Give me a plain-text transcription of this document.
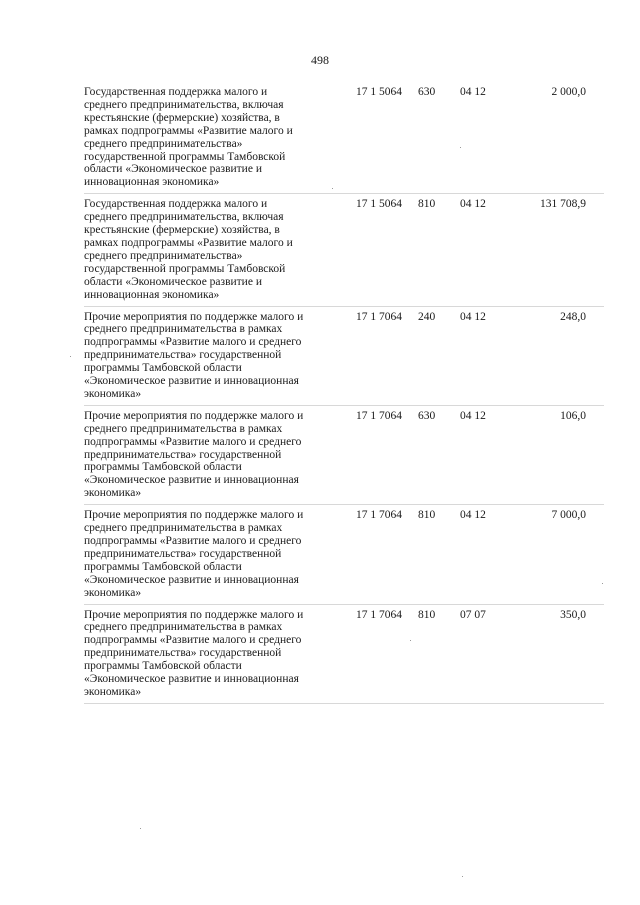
498
Государственная поддержка малого и
среднего предпринимательства, включая
крестьянские (фермерские) хозяйства, в
рамках подпрограммы «Развитие малого и
среднего предпринимательства»
государственной программы Тамбовской
области «Экономическое развитие и
инновационная экономика»
17 1 5064	630	04 12	2 000,0
Государственная поддержка малого и
среднего предпринимательства, включая
крестьянские (фермерские) хозяйства, в
рамках подпрограммы «Развитие малого и
среднего предпринимательства»
государственной программы Тамбовской
области «Экономическое развитие и
инновационная экономика»
17 1 5064	810	04 12	131 708,9
Прочие мероприятия по поддержке малого и
среднего предпринимательства в рамках
подпрограммы «Развитие малого и среднего
предпринимательства» государственной
программы Тамбовской области
«Экономическое развитие и инновационная
экономика»
17 1 7064	240	04 12	248,0
Прочие мероприятия по поддержке малого и
среднего предпринимательства в рамках
подпрограммы «Развитие малого и среднего
предпринимательства» государственной
программы Тамбовской области
«Экономическое развитие и инновационная
экономика»
17 1 7064	630	04 12	106,0
Прочие мероприятия по поддержке малого и
среднего предпринимательства в рамках
подпрограммы «Развитие малого и среднего
предпринимательства» государственной
программы Тамбовской области
«Экономическое развитие и инновационная
экономика»
17 1 7064	810	04 12	7 000,0
Прочие мероприятия по поддержке малого и
среднего предпринимательства в рамках
подпрограммы «Развитие малого и среднего
предпринимательства» государственной
программы Тамбовской области
«Экономическое развитие и инновационная
экономика»
17 1 7064	810	07 07	350,0
